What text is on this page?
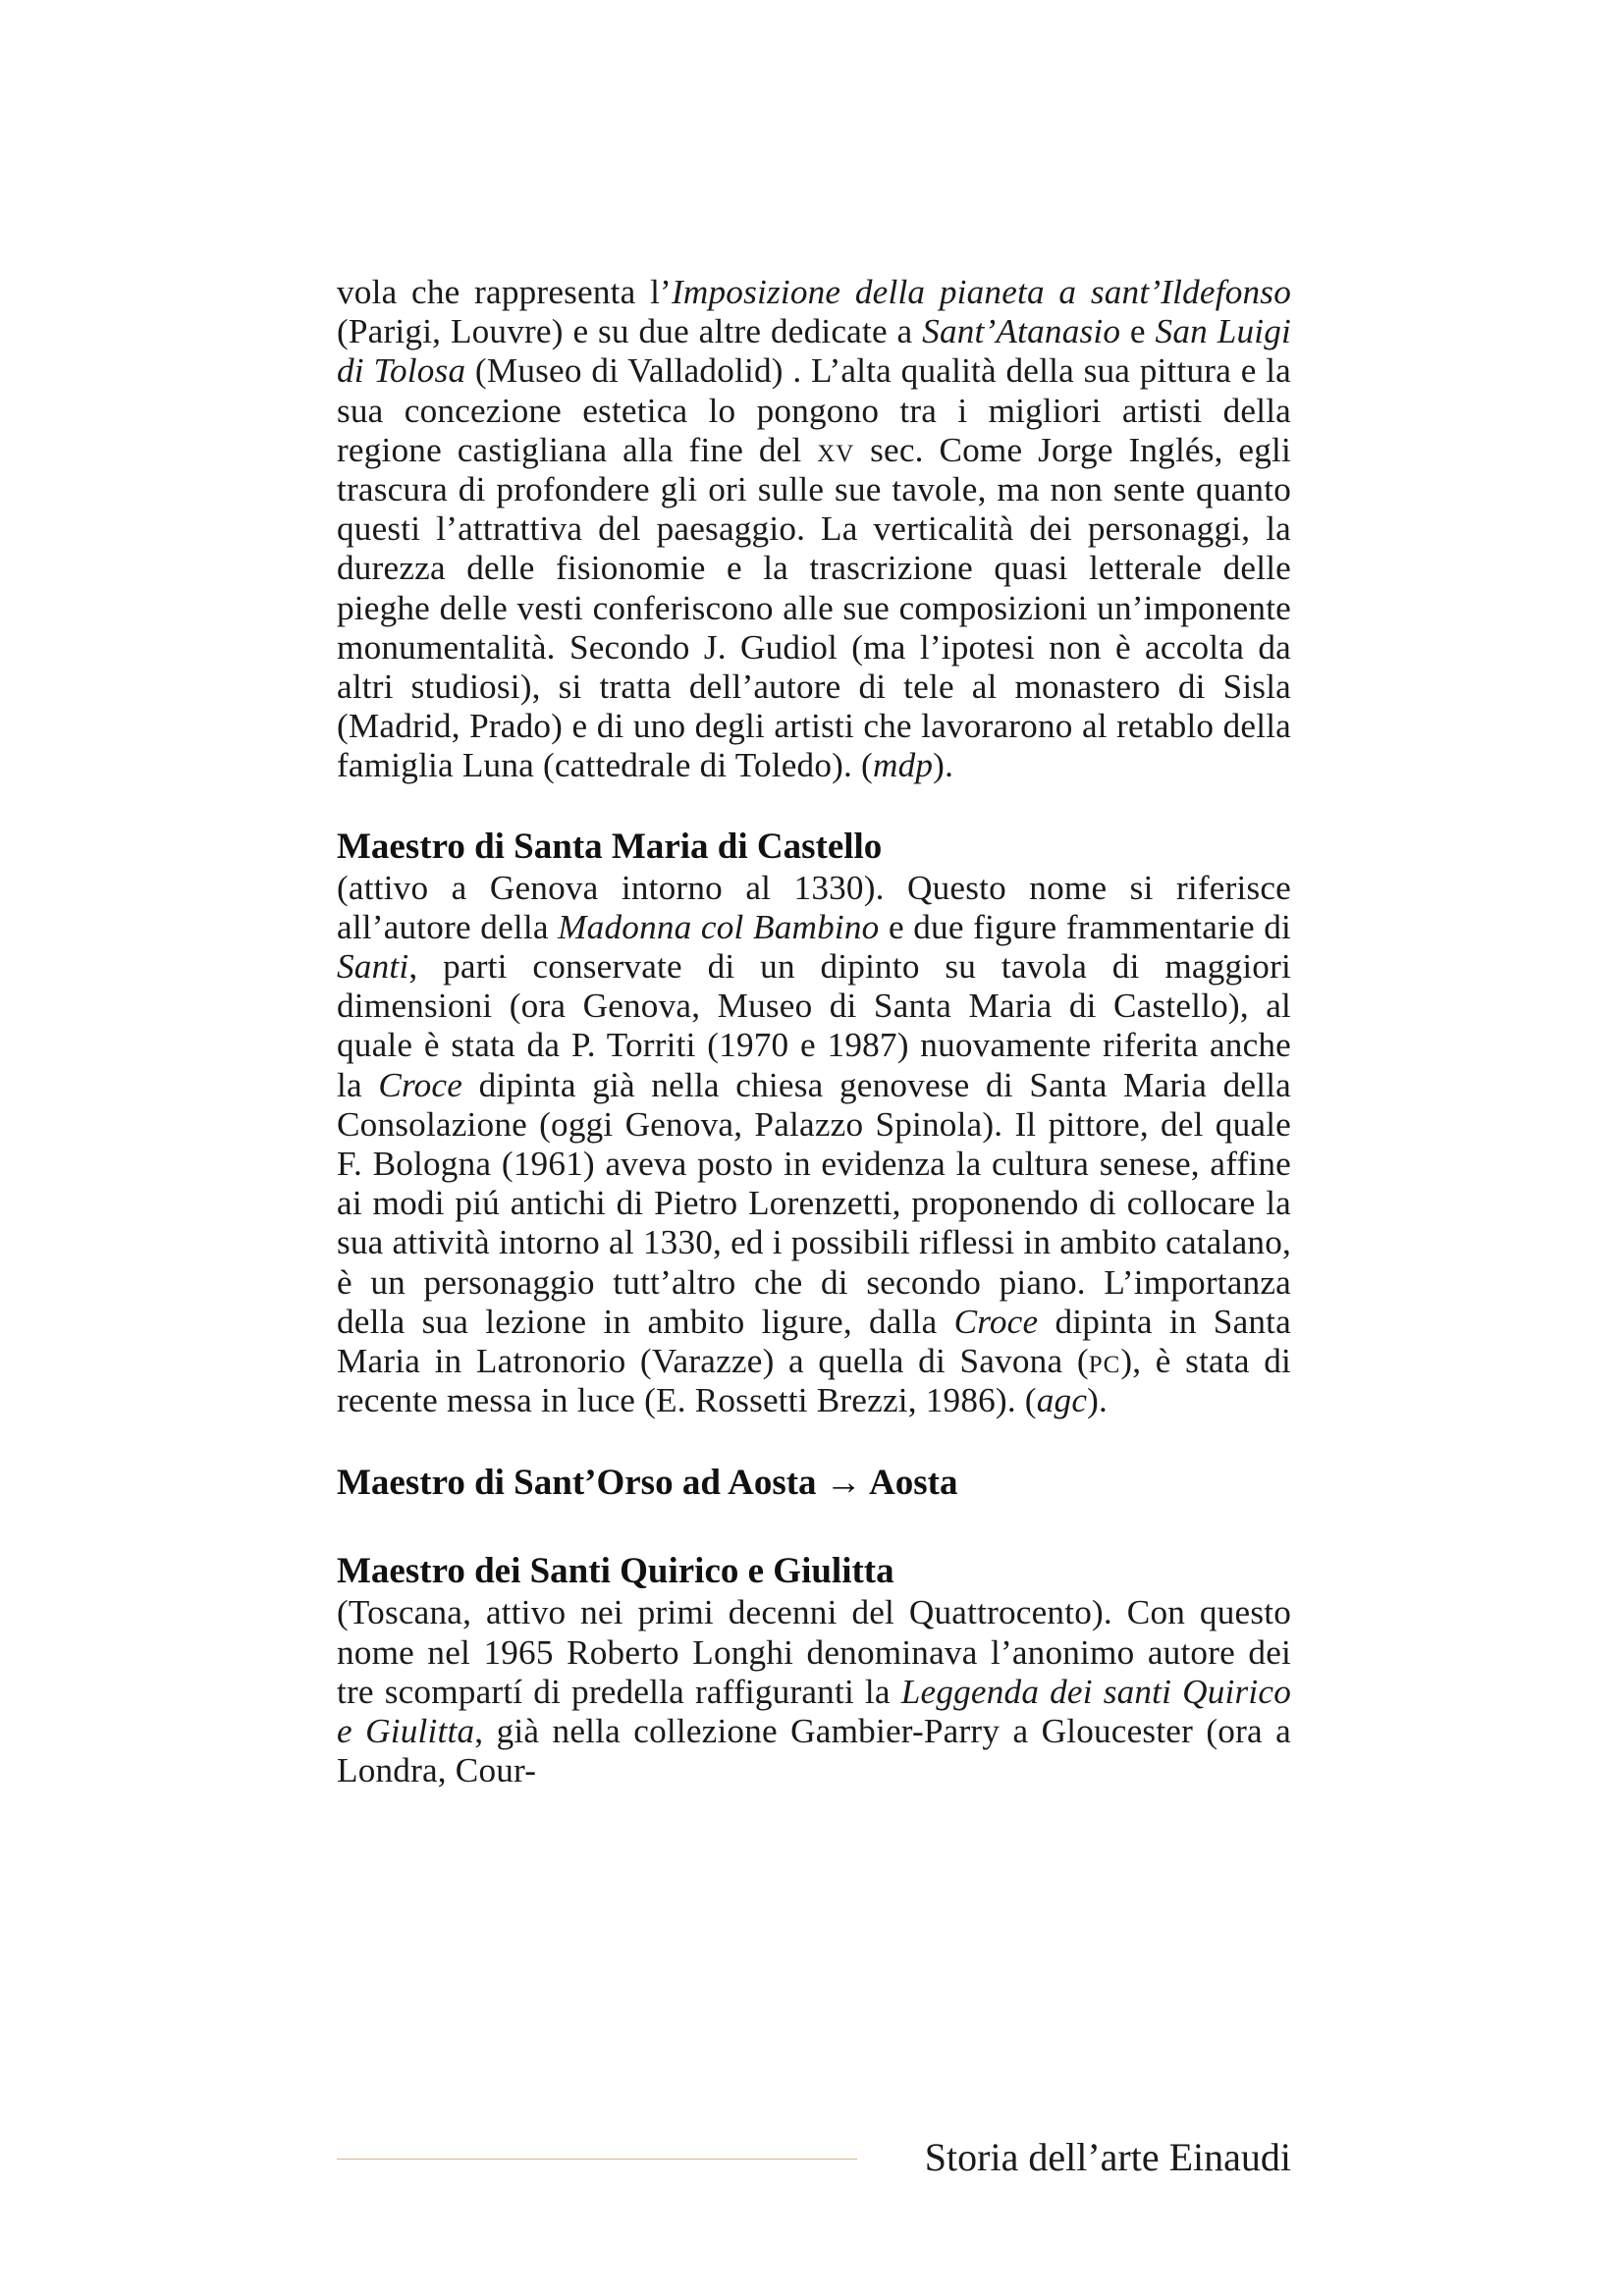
vola che rappresenta l’Imposizione della pianeta a sant’Ildefonso (Parigi, Louvre) e su due altre dedicate a Sant’Atanasio e San Luigi di Tolosa (Museo di Valladolid) . L’alta qualità della sua pittura e la sua concezione estetica lo pongono tra i migliori artisti della regione castigliana alla fine del xv sec. Come Jorge Inglés, egli trascura di profondere gli ori sulle sue tavole, ma non sente quanto questi l’attrattiva del paesaggio. La verticalità dei personaggi, la durezza delle fisionomie e la trascrizione quasi letterale delle pieghe delle vesti conferiscono alle sue composizioni un’imponente monumentalità. Secondo J. Gudiol (ma l’ipotesi non è accolta da altri studiosi), si tratta dell’autore di tele al monastero di Sisla (Madrid, Prado) e di uno degli artisti che lavorarono al retablo della famiglia Luna (cattedrale di Toledo). (mdp).

Maestro di Santa Maria di Castello

(attivo a Genova intorno al 1330). Questo nome si riferisce all’autore della Madonna col Bambino e due figure frammentarie di Santi, parti conservate di un dipinto su tavola di maggiori dimensioni (ora Genova, Museo di Santa Maria di Castello), al quale è stata da P. Torriti (1970 e 1987) nuovamente riferita anche la Croce dipinta già nella chiesa genovese di Santa Maria della Consolazione (oggi Genova, Palazzo Spinola). Il pittore, del quale F. Bologna (1961) aveva posto in evidenza la cultura senese, affine ai modi piú antichi di Pietro Lorenzetti, proponendo di collocare la sua attività intorno al 1330, ed i possibili riflessi in ambito catalano, è un personaggio tutt’altro che di secondo piano. L’importanza della sua lezione in ambito ligure, dalla Croce dipinta in Santa Maria in Latronorio (Varazze) a quella di Savona (pc), è stata di recente messa in luce (E. Rossetti Brezzi, 1986). (agc).

Maestro di Sant’Orso ad Aosta → Aosta
Maestro dei Santi Quirico e Giulitta

(Toscana, attivo nei primi decenni del Quattrocento). Con questo nome nel 1965 Roberto Longhi denominava l’anonimo autore dei tre scompartí di predella raffiguranti la Leggenda dei santi Quirico e Giulitta, già nella collezione Gambier-Parry a Gloucester (ora a Londra, Cour-

Storia dell’arte Einaudi
